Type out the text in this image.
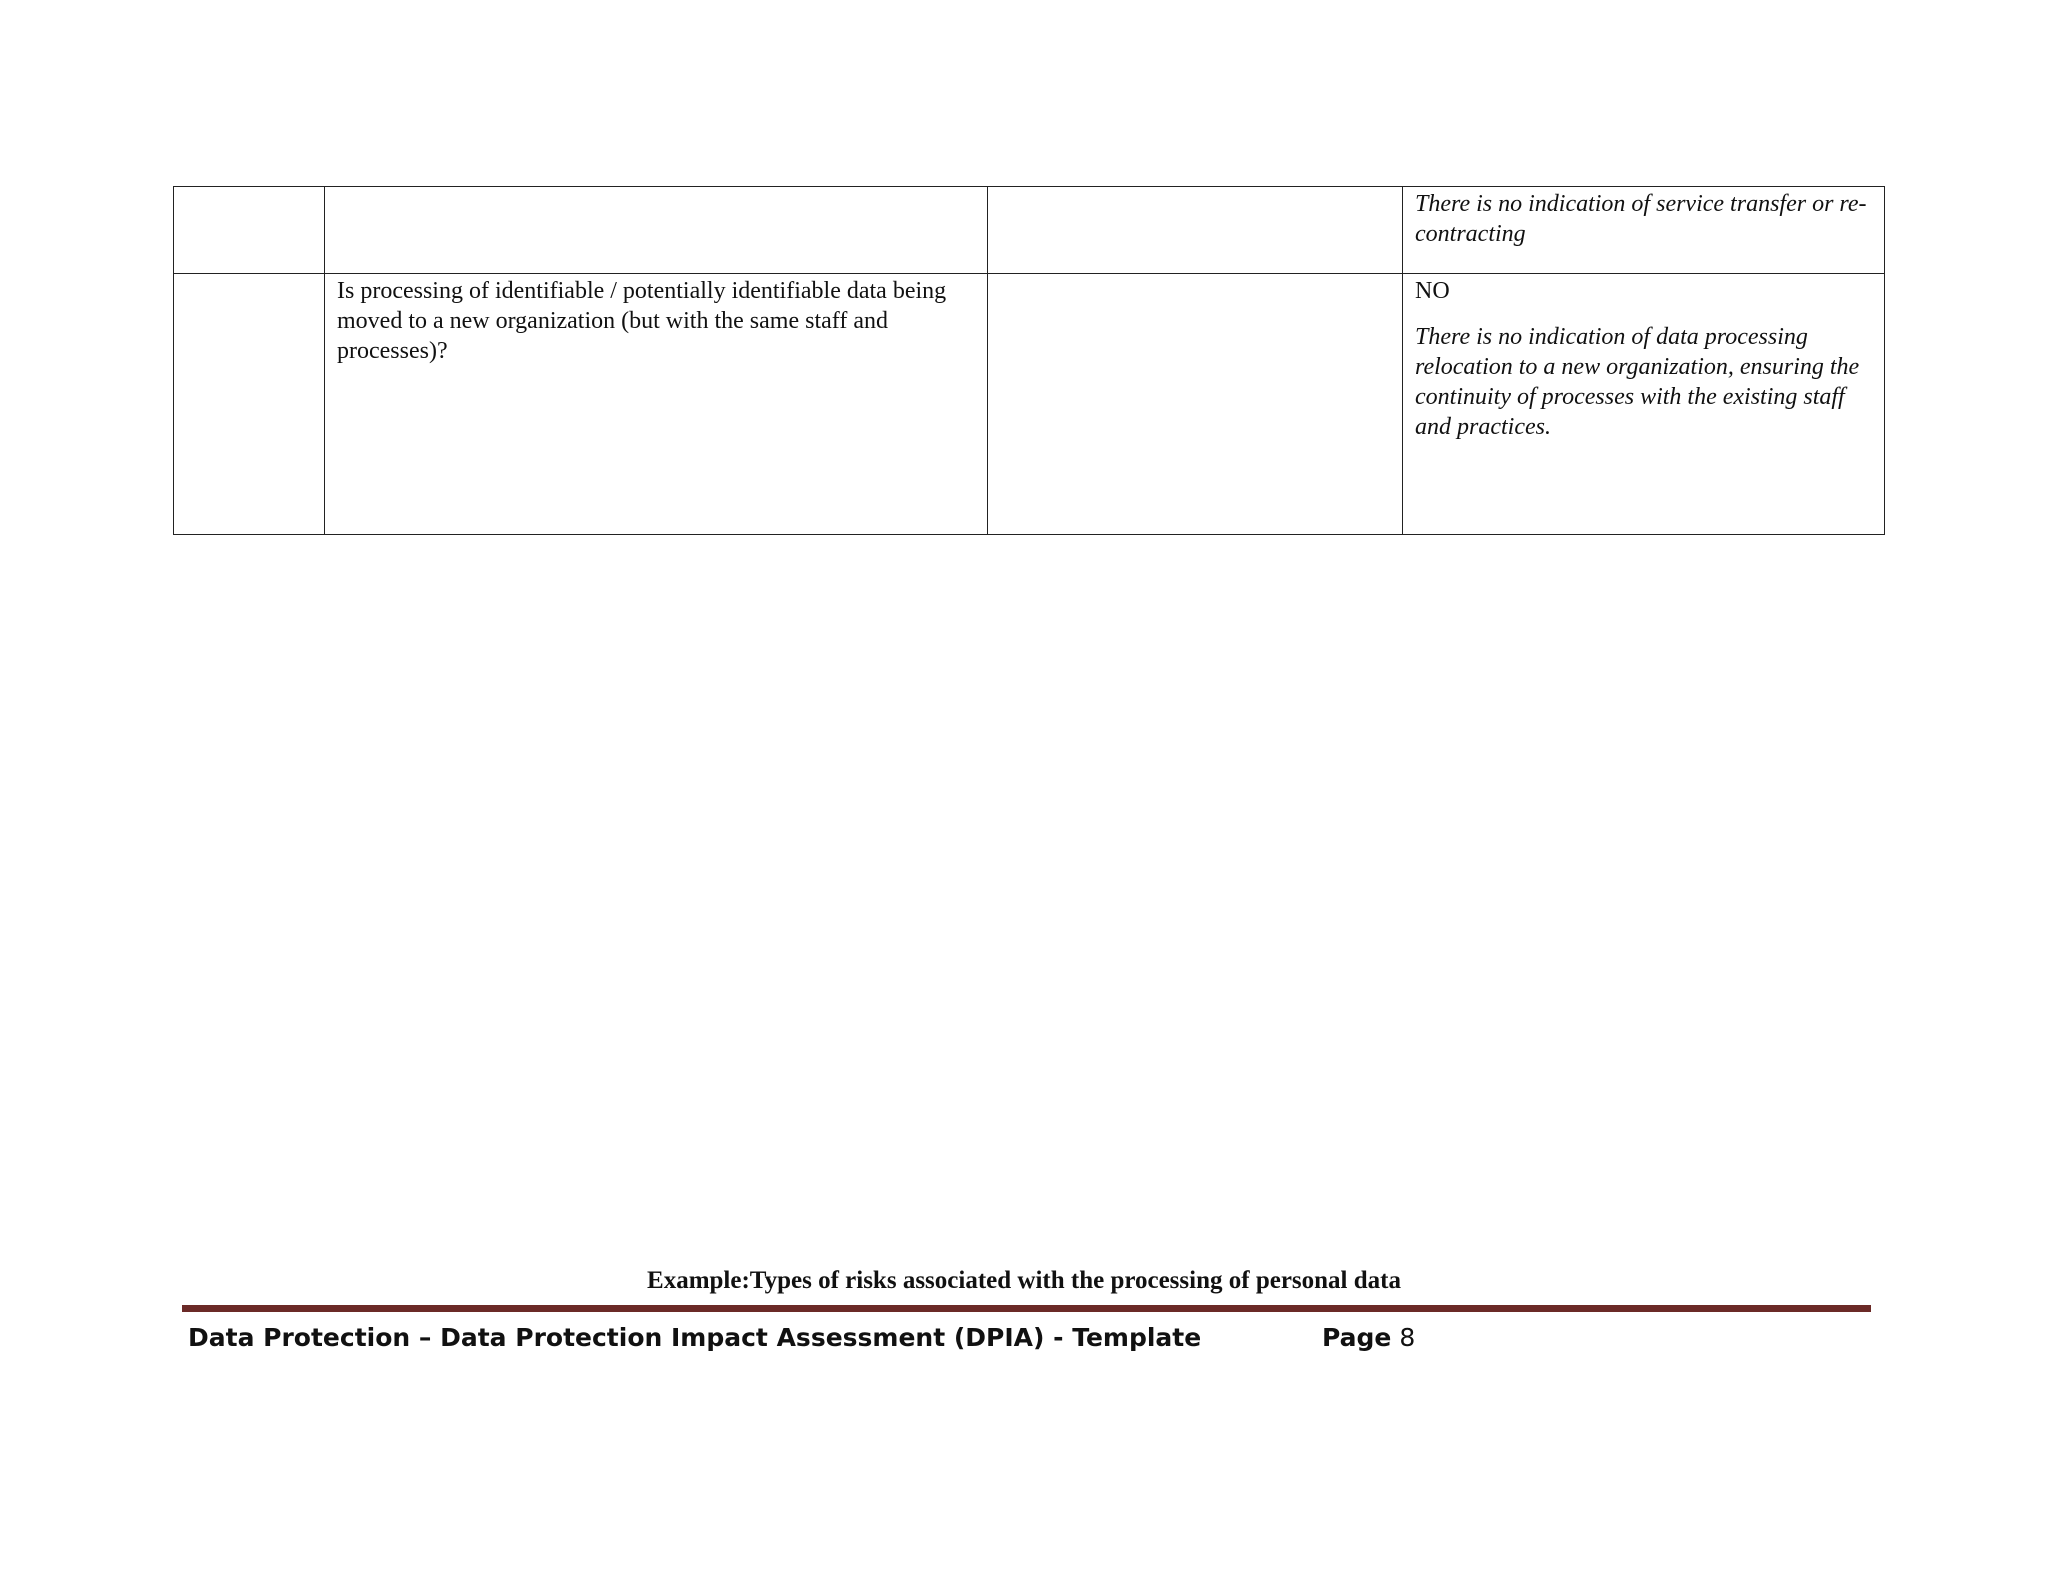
			There is no indication of service transfer or re-contracting

	Is processing of identifiable / potentially identifiable data being moved to a new organization (but with the same staff and processes)?		NO
There is no indication of data processing relocation to a new organization, ensuring the continuity of processes with the existing staff and practices.
Example:Types of risks associated with the processing of personal data
Data Protection – Data Protection Impact Assessment (DPIA) - Template	Page 8
